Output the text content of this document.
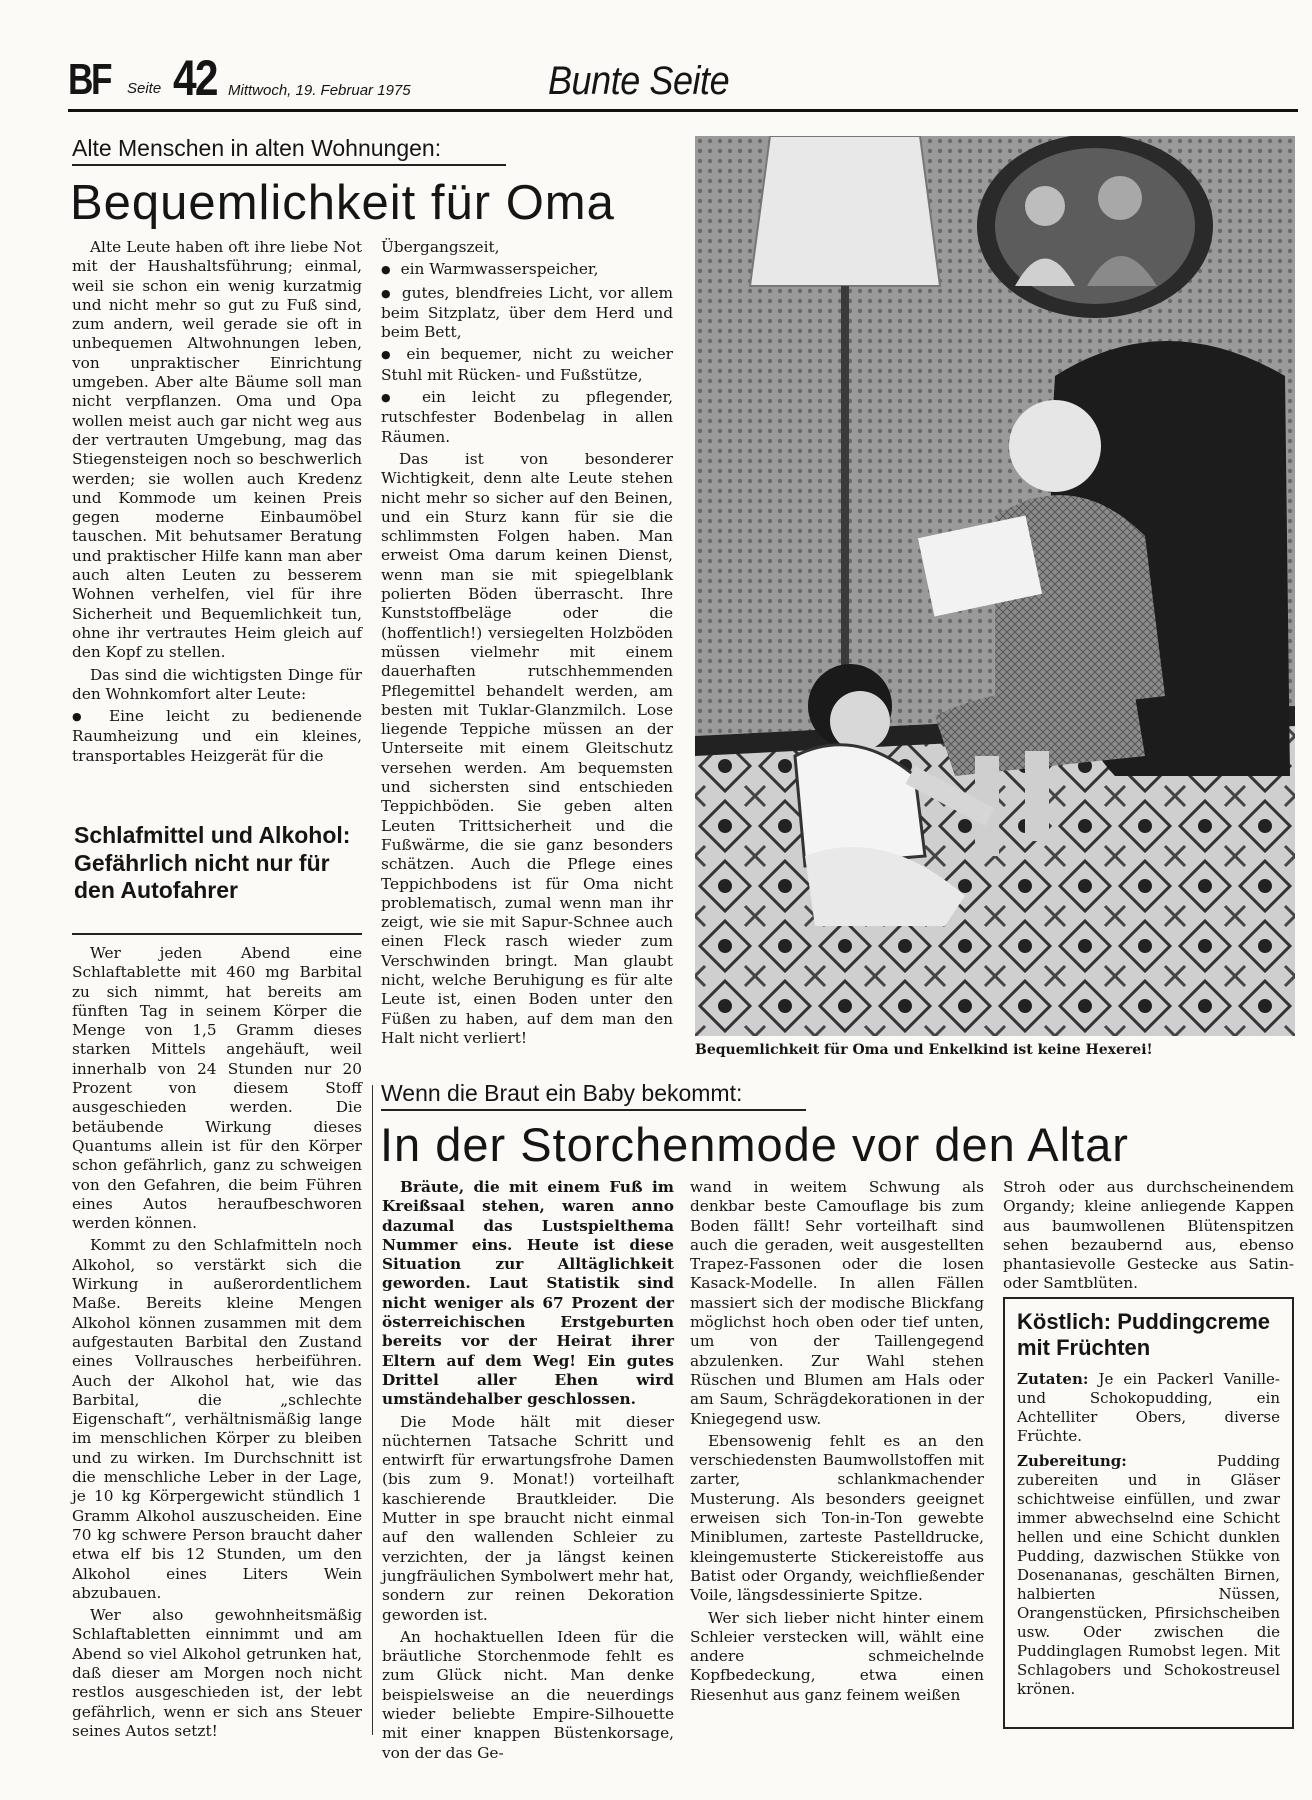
BF Seite 42 Mittwoch, 19. Februar 1975	Bunte Seite
Alte Menschen in alten Wohnungen:
Bequemlichkeit für Oma

Alte Leute haben oft ihre liebe Not mit der Haushaltsführung; einmal, weil sie schon ein wenig kurzatmig und nicht mehr so gut zu Fuß sind, zum andern, weil gerade sie oft in unbequemen Altwohnungen leben, von unpraktischer Einrichtung umgeben. Aber alte Bäume soll man nicht verpflanzen. Oma und Opa wollen meist auch gar nicht weg aus der vertrauten Umgebung, mag das Stiegensteigen noch so beschwerlich werden; sie wollen auch Kredenz und Kommode um keinen Preis gegen moderne Einbaumöbel tauschen. Mit behutsamer Beratung und praktischer Hilfe kann man aber auch alten Leuten zu besserem Wohnen verhelfen, viel für ihre Sicherheit und Bequemlichkeit tun, ohne ihr vertrautes Heim gleich auf den Kopf zu stellen.

Das sind die wichtigsten Dinge für den Wohnkomfort alter Leute:

● Eine leicht zu bedienende Raumheizung und ein kleines, transportables Heizgerät für die

Übergangszeit,

● ein Warmwasserspeicher,

● gutes, blendfreies Licht, vor allem beim Sitzplatz, über dem Herd und beim Bett,

● ein bequemer, nicht zu weicher Stuhl mit Rücken- und Fußstütze,

● ein leicht zu pflegender, rutschfester Bodenbelag in allen Räumen.

Das ist von besonderer Wichtigkeit, denn alte Leute stehen nicht mehr so sicher auf den Beinen, und ein Sturz kann für sie die schlimmsten Folgen haben. Man erweist Oma darum keinen Dienst, wenn man sie mit spiegelblank polierten Böden überrascht. Ihre Kunststoffbeläge oder die (hoffentlich!) versiegelten Holzböden müssen vielmehr mit einem dauerhaften rutschhemmenden Pflegemittel behandelt werden, am besten mit Tuklar-Glanzmilch. Lose liegende Teppiche müssen an der Unterseite mit einem Gleitschutz versehen werden. Am bequemsten und sichersten sind entschieden Teppichböden. Sie geben alten Leuten Trittsicherheit und die Fußwärme, die sie ganz besonders schätzen. Auch die Pflege eines Teppichbodens ist für Oma nicht problematisch, zumal wenn man ihr zeigt, wie sie mit Sapur-Schnee auch einen Fleck rasch wieder zum Verschwinden bringt. Man glaubt nicht, welche Beruhigung es für alte Leute ist, einen Boden unter den Füßen zu haben, auf dem man den Halt nicht verliert!

Bequemlichkeit für Oma und Enkelkind ist keine Hexerei!
Schlafmittel und Alkohol: Gefährlich nicht nur für den Autofahrer

Wer jeden Abend eine Schlaftablette mit 460 mg Barbital zu sich nimmt, hat bereits am fünften Tag in seinem Körper die Menge von 1,5 Gramm dieses starken Mittels angehäuft, weil innerhalb von 24 Stunden nur 20 Prozent von diesem Stoff ausgeschieden werden. Die betäubende Wirkung dieses Quantums allein ist für den Körper schon gefährlich, ganz zu schweigen von den Gefahren, die beim Führen eines Autos heraufbeschworen werden können.

Kommt zu den Schlafmitteln noch Alkohol, so verstärkt sich die Wirkung in außerordentlichem Maße. Bereits kleine Mengen Alkohol können zusammen mit dem aufgestauten Barbital den Zustand eines Vollrausches herbeiführen. Auch der Alkohol hat, wie das Barbital, die „schlechte Eigenschaft“, verhältnismäßig lange im menschlichen Körper zu bleiben und zu wirken. Im Durchschnitt ist die menschliche Leber in der Lage, je 10 kg Körpergewicht stündlich 1 Gramm Alkohol auszuscheiden. Eine 70 kg schwere Person braucht daher etwa elf bis 12 Stunden, um den Alkohol eines Liters Wein abzubauen.

Wer also gewohnheitsmäßig Schlaftabletten einnimmt und am Abend so viel Alkohol getrunken hat, daß dieser am Morgen noch nicht restlos ausgeschieden ist, der lebt gefährlich, wenn er sich ans Steuer seines Autos setzt!

Wenn die Braut ein Baby bekommt:
In der Storchenmode vor den Altar

Bräute, die mit einem Fuß im Kreißsaal stehen, waren anno dazumal das Lustspielthema Nummer eins. Heute ist diese Situation zur Alltäglichkeit geworden. Laut Statistik sind nicht weniger als 67 Prozent der österreichischen Erstgeburten bereits vor der Heirat ihrer Eltern auf dem Weg! Ein gutes Drittel aller Ehen wird umständehalber geschlossen.

Die Mode hält mit dieser nüchternen Tatsache Schritt und entwirft für erwartungsfrohe Damen (bis zum 9. Monat!) vorteilhaft kaschierende Brautkleider. Die Mutter in spe braucht nicht einmal auf den wallenden Schleier zu verzichten, der ja längst keinen jungfräulichen Symbolwert mehr hat, sondern zur reinen Dekoration geworden ist.

An hochaktuellen Ideen für die bräutliche Storchenmode fehlt es zum Glück nicht. Man denke beispielsweise an die neuerdings wieder beliebte Empire-Silhouette mit einer knappen Büstenkorsage, von der das Ge-

wand in weitem Schwung als denkbar beste Camouflage bis zum Boden fällt! Sehr vorteilhaft sind auch die geraden, weit ausgestellten Trapez-Fassonen oder die losen Kasack-Modelle. In allen Fällen massiert sich der modische Blickfang möglichst hoch oben oder tief unten, um von der Taillengegend abzulenken. Zur Wahl stehen Rüschen und Blumen am Hals oder am Saum, Schrägdekorationen in der Kniegegend usw.

Ebensowenig fehlt es an den verschiedensten Baumwollstoffen mit zarter, schlankmachender Musterung. Als besonders geeignet erweisen sich Ton-in-Ton gewebte Miniblumen, zarteste Pastelldrucke, kleingemusterte Stickereistoffe aus Batist oder Organdy, weichfließender Voile, längsdessinierte Spitze.

Wer sich lieber nicht hinter einem Schleier verstecken will, wählt eine andere schmeichelnde Kopfbedeckung, etwa einen Riesenhut aus ganz feinem weißen

Stroh oder aus durchscheinendem Organdy; kleine anliegende Kappen aus baumwollenen Blütenspitzen sehen bezaubernd aus, ebenso phantasievolle Gestecke aus Satin- oder Samtblüten.

Köstlich: Puddingcreme mit Früchten

Zutaten: Je ein Packerl Vanille- und Schokopudding, ein Achtelliter Obers, diverse Früchte.

Zubereitung:	Pudding zubereiten und in Gläser schichtweise einfüllen, und zwar immer abwechselnd eine Schicht hellen und eine Schicht dunklen Pudding, dazwischen Stükke von Dosenananas, geschälten Birnen, halbierten Nüssen, Orangenstücken, Pfirsichscheiben usw. Oder zwischen die Puddinglagen Rumobst legen. Mit Schlagobers und Schokostreusel krönen.
